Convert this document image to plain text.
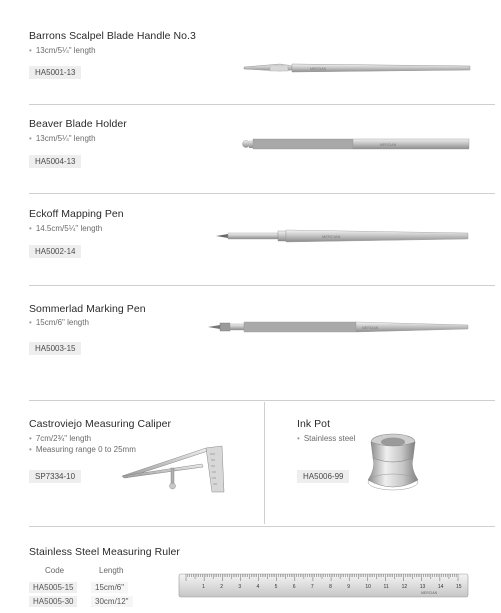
Barrons Scalpel Blade Handle No.3
• 13cm/5¼" length
HA5001-13	MERCIAN
Beaver Blade Holder
• 13cm/5¼" length
HA5004-13
MERCIAN
Eckoff Mapping Pen
• 14.5cm/5¼" length
HA5002-14
MERCIAN
Sommerlad Marking Pen
• 15cm/6" length
HA5003-15
MERCIAN
Castroviejo Measuring Caliper
• 7cm/2¾" length
• Measuring range 0 to 25mm
SP7334-10
Ink Pot
• Stainless steel
HA5006-99
Stainless Steel Measuring Ruler
Code	Length
HA5005-15	15cm/6"
HA5005-30	30cm/12"
1	2	3	4	5	6	7	8	9	10	11	12	13	14	15
MERCIAN
